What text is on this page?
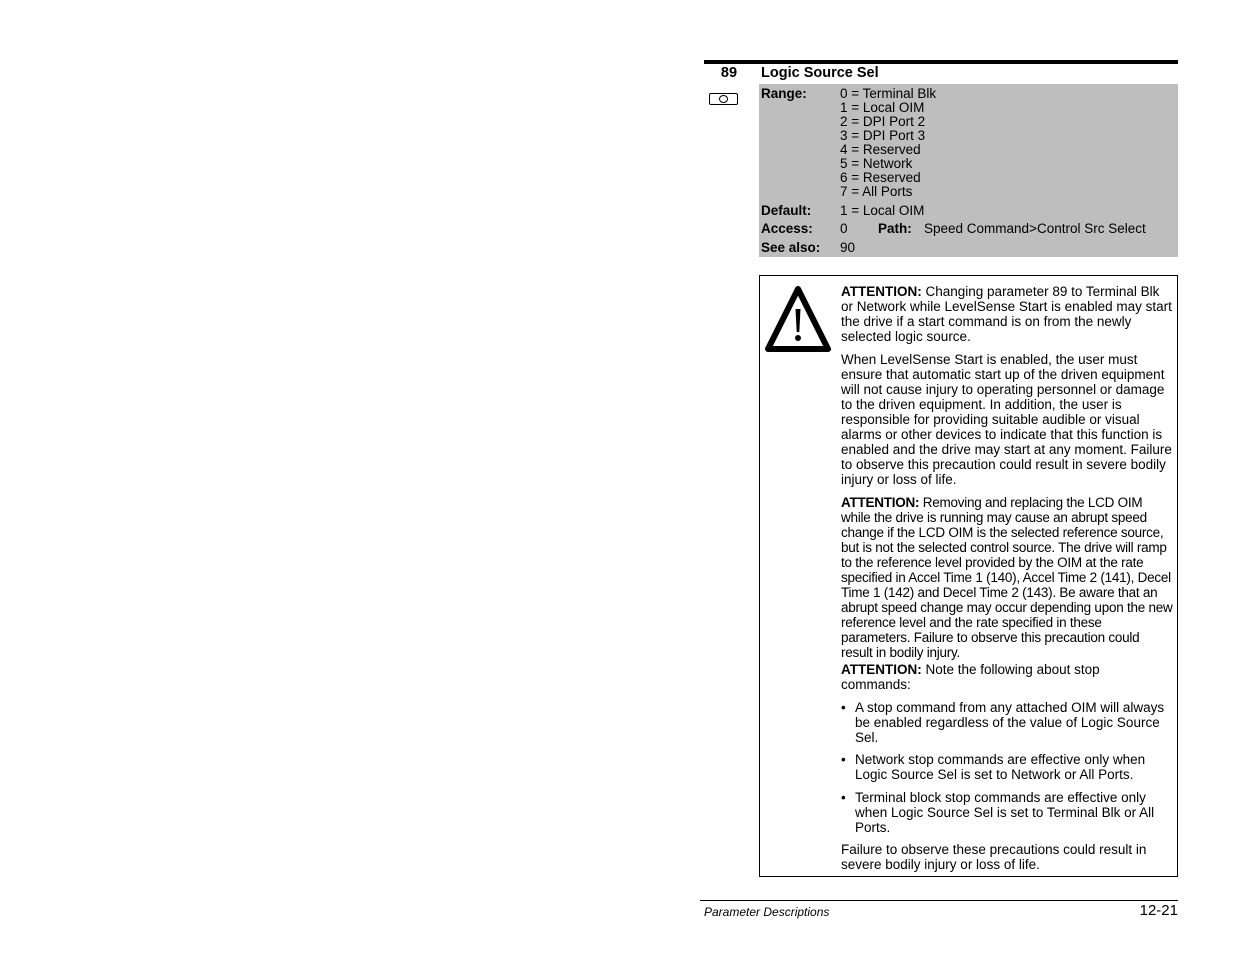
89	Logic Source Sel
Range: 0 = Terminal Blk
1 = Local OIM
2 = DPI Port 2
3 = DPI Port 3
4 = Reserved
5 = Network
6 = Reserved
7 = All Ports
Default: 1 = Local OIM
Access: 0 Path: Speed Command>Control Src Select
See also: 90

ATTENTION: Changing parameter 89 to Terminal Blk or Network while LevelSense Start is enabled may start the drive if a start command is on from the newly selected logic source.

When LevelSense Start is enabled, the user must ensure that automatic start up of the driven equipment will not cause injury to operating personnel or damage to the driven equipment. In addition, the user is responsible for providing suitable audible or visual alarms or other devices to indicate that this function is enabled and the drive may start at any moment. Failure to observe this precaution could result in severe bodily injury or loss of life.

ATTENTION: Removing and replacing the LCD OIM while the drive is running may cause an abrupt speed change if the LCD OIM is the selected reference source, but is not the selected control source. The drive will ramp to the reference level provided by the OIM at the rate specified in Accel Time 1 (140), Accel Time 2 (141), Decel Time 1 (142) and Decel Time 2 (143). Be aware that an abrupt speed change may occur depending upon the new reference level and the rate specified in these parameters. Failure to observe this precaution could result in bodily injury.

ATTENTION: Note the following about stop commands:

• A stop command from any attached OIM will always be enabled regardless of the value of Logic Source Sel.
• Network stop commands are effective only when Logic Source Sel is set to Network or All Ports.
• Terminal block stop commands are effective only when Logic Source Sel is set to Terminal Blk or All Ports.

Failure to observe these precautions could result in severe bodily injury or loss of life.

Parameter Descriptions	12-21
